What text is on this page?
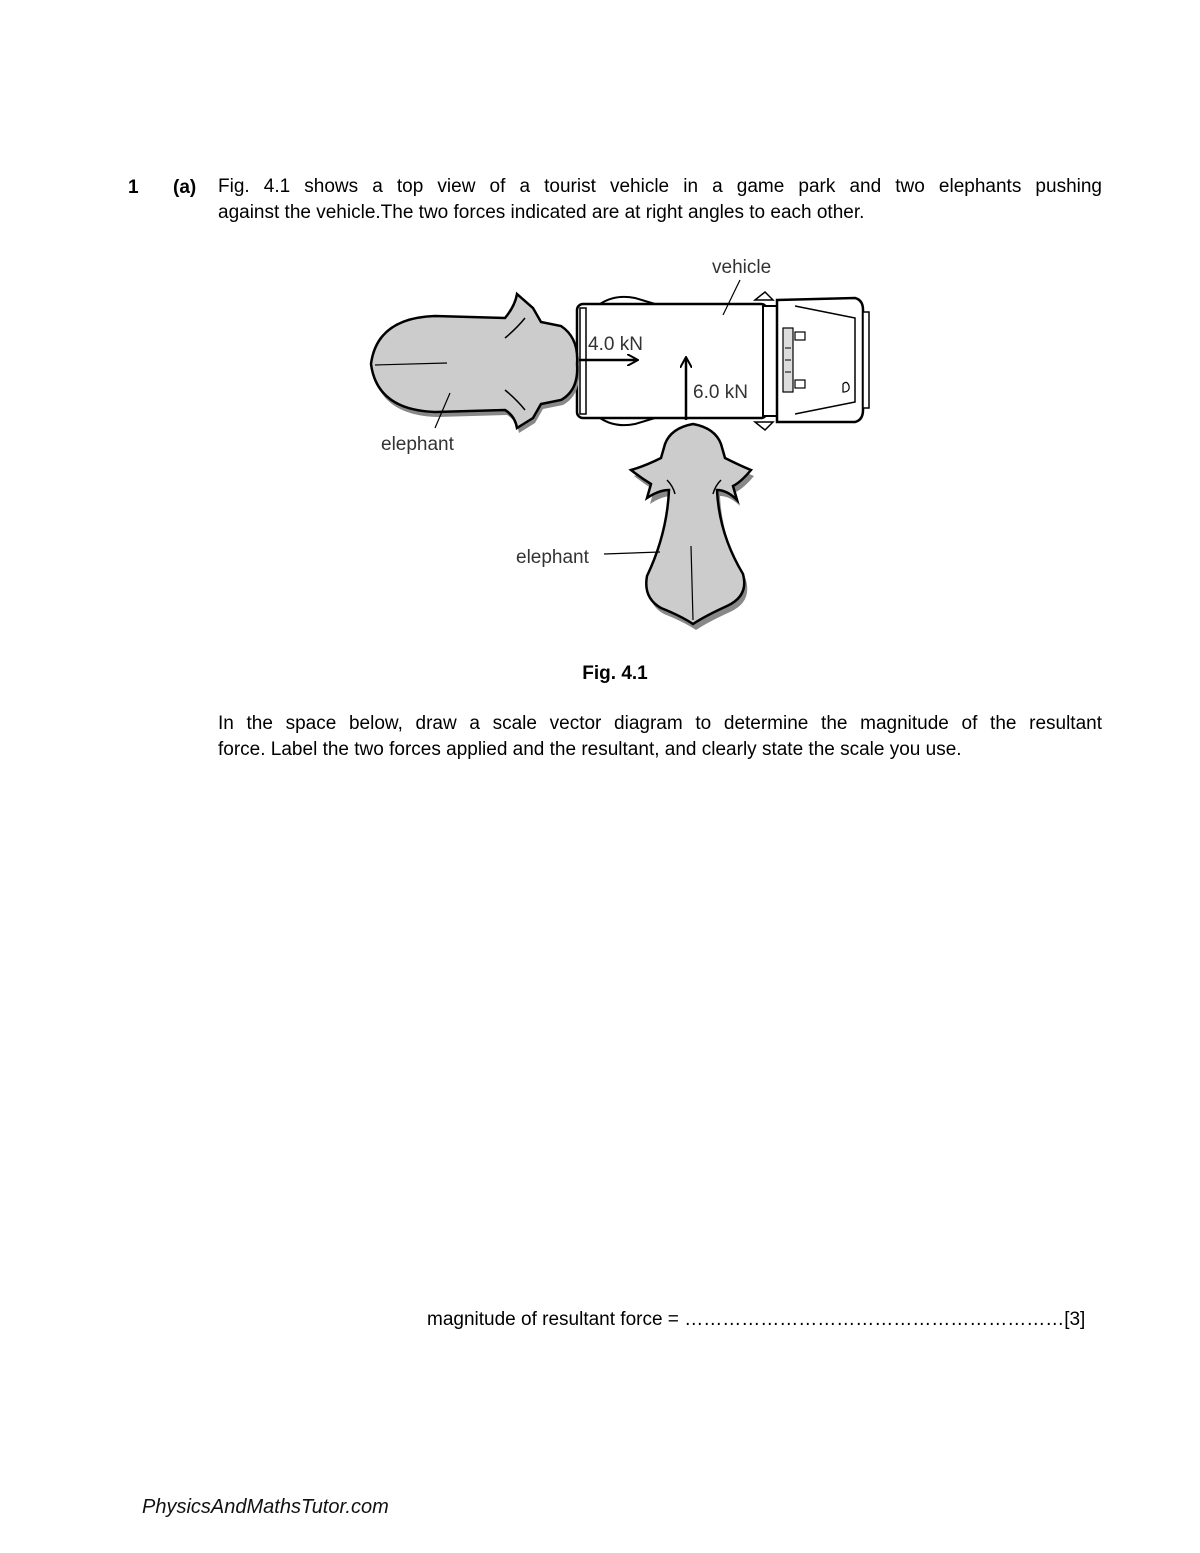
1 (a) Fig. 4.1 shows a top view of a tourist vehicle in a game park and two elephants pushing

against the vehicle.The two forces indicated are at right angles to each other.

vehicle
4.0 kN
6.0 kN
elephant
elephant
Fig. 4.1

In the space below, draw a scale vector diagram to determine the magnitude of the resultant

force. Label the two forces applied and the resultant, and clearly state the scale you use.

magnitude of resultant force = ……………………………………………………[3]
PhysicsAndMathsTutor.com
